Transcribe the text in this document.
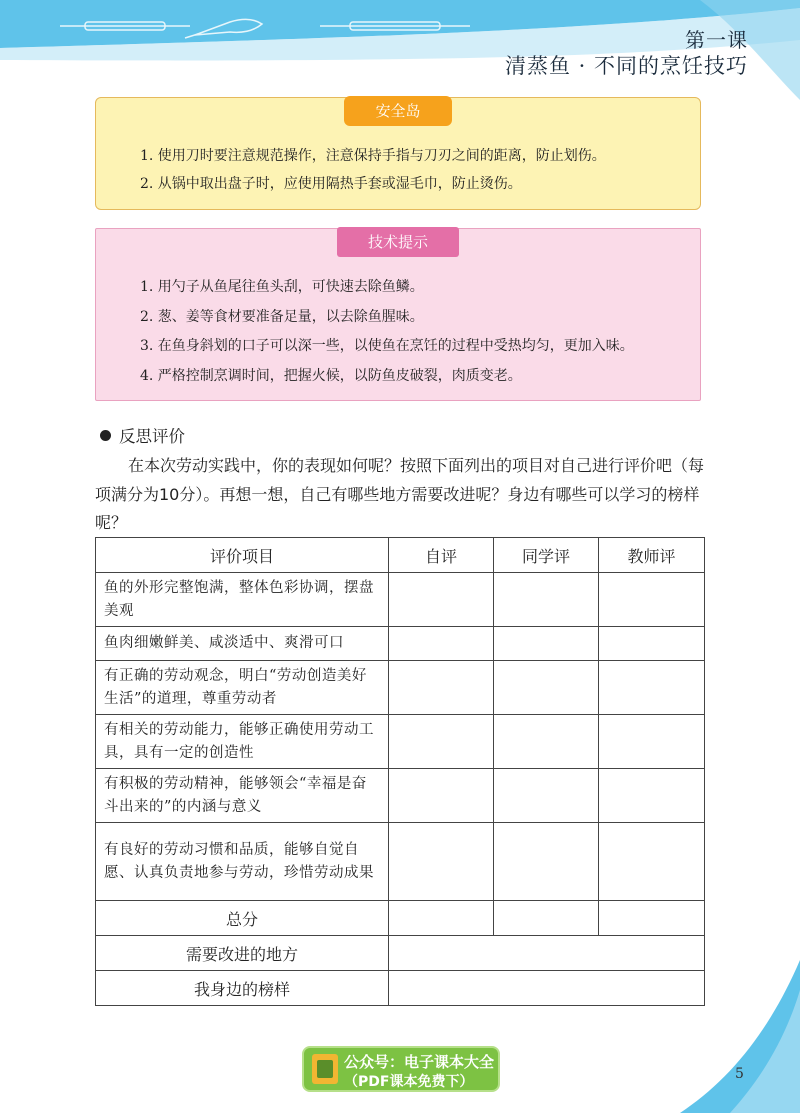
第一课
清蒸鱼 · 不同的烹饪技巧
安全岛
1. 使用刀时要注意规范操作，注意保持手指与刀刃之间的距离，防止划伤。
2. 从锅中取出盘子时，应使用隔热手套或湿毛巾，防止烫伤。
技术提示
1. 用勺子从鱼尾往鱼头刮，可快速去除鱼鳞。
2. 葱、姜等食材要准备足量，以去除鱼腥味。
3. 在鱼身斜划的口子可以深一些，以使鱼在烹饪的过程中受热均匀，更加入味。
4. 严格控制烹调时间，把握火候，以防鱼皮破裂，肉质变老。
反思评价
在本次劳动实践中，你的表现如何呢？按照下面列出的项目对自己进行评价吧（每项满分为10分）。再想一想，自己有哪些地方需要改进呢？身边有哪些可以学习的榜样呢？
评价项目	自评	同学评	教师评
鱼的外形完整饱满，整体色彩协调，摆盘美观			
鱼肉细嫩鲜美、咸淡适中、爽滑可口			
有正确的劳动观念，明白“劳动创造美好生活”的道理，尊重劳动者			
有相关的劳动能力，能够正确使用劳动工具，具有一定的创造性			
有积极的劳动精神，能够领会“幸福是奋斗出来的”的内涵与意义			
有良好的劳动习惯和品质，能够自觉自愿、认真负责地参与劳动，珍惜劳动成果			
总分			
需要改进的地方			
我身边的榜样			
公众号：电子课本大全
（PDF课本免费下）	5
